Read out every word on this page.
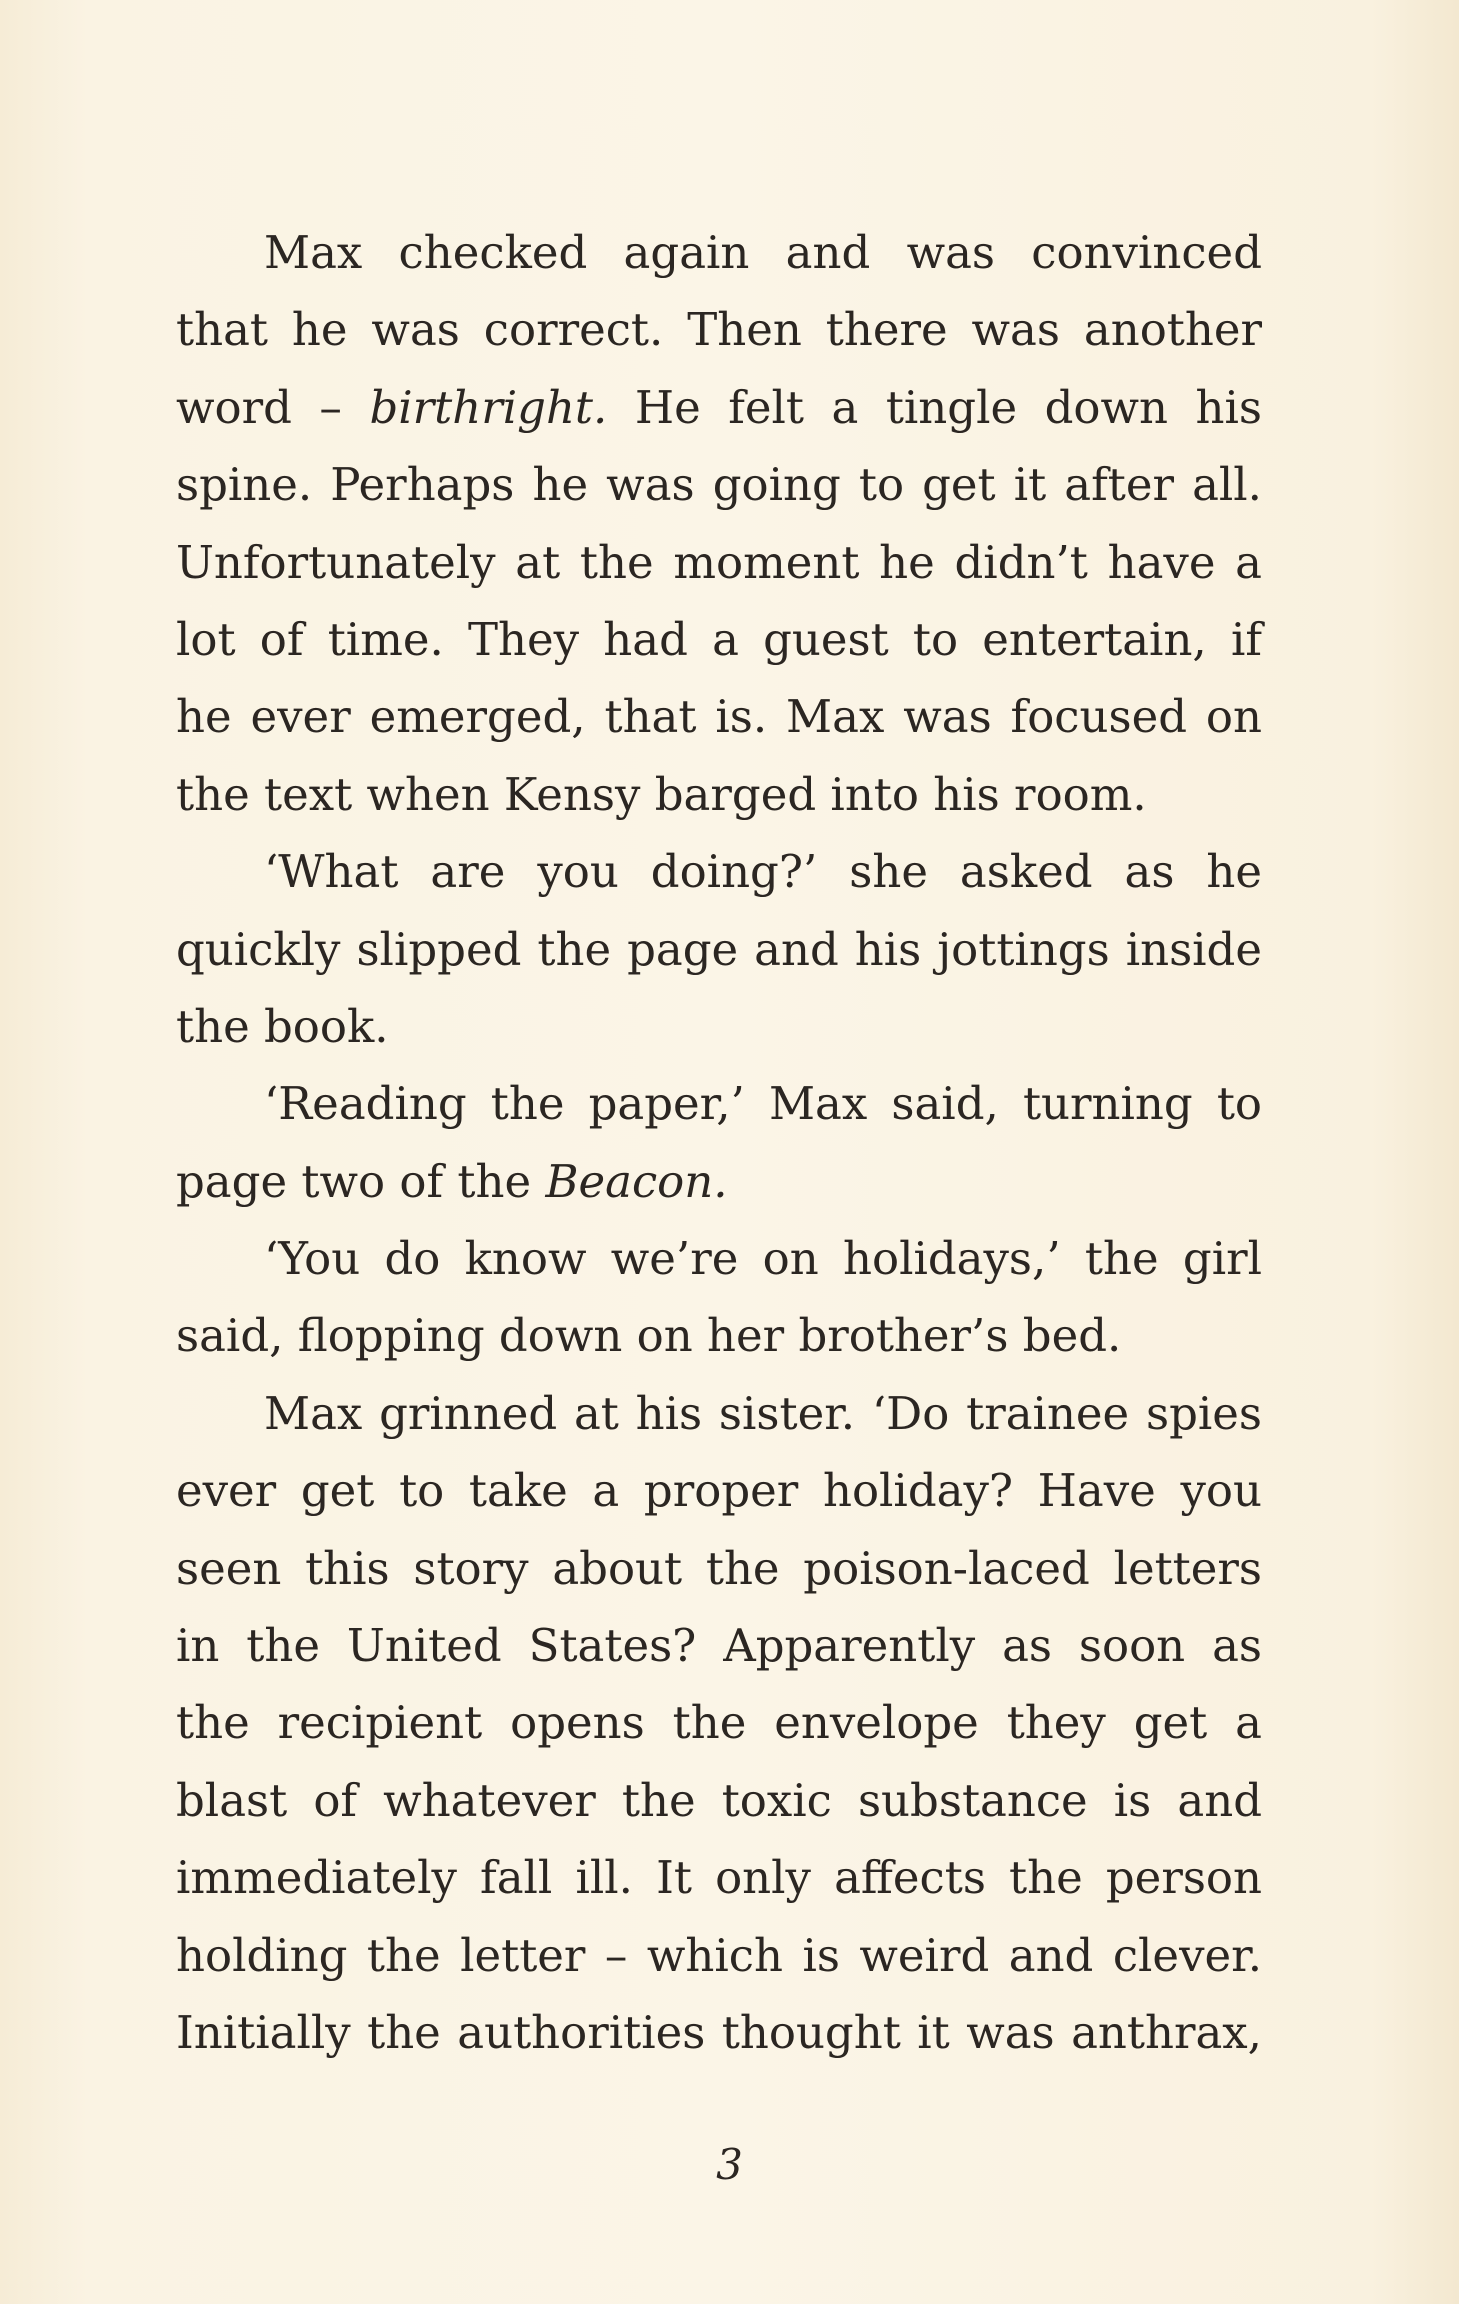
Max checked again and was convinced
that he was correct. Then there was another
word – birthright. He felt a tingle down his
spine. Perhaps he was going to get it after all.
Unfortunately at the moment he didn’t have a
lot of time. They had a guest to entertain, if
he ever emerged, that is. Max was focused on
the text when Kensy barged into his room.
‘What are you doing?’ she asked as he
quickly slipped the page and his jottings inside
the book.
‘Reading the paper,’ Max said, turning to
page two of the Beacon.
‘You do know we’re on holidays,’ the girl
said, flopping down on her brother’s bed.
Max grinned at his sister. ‘Do trainee spies
ever get to take a proper holiday? Have you
seen this story about the poison-laced letters
in the United States? Apparently as soon as
the recipient opens the envelope they get a
blast of whatever the toxic substance is and
immediately fall ill. It only affects the person
holding the letter – which is weird and clever.
Initially the authorities thought it was anthrax,
3
